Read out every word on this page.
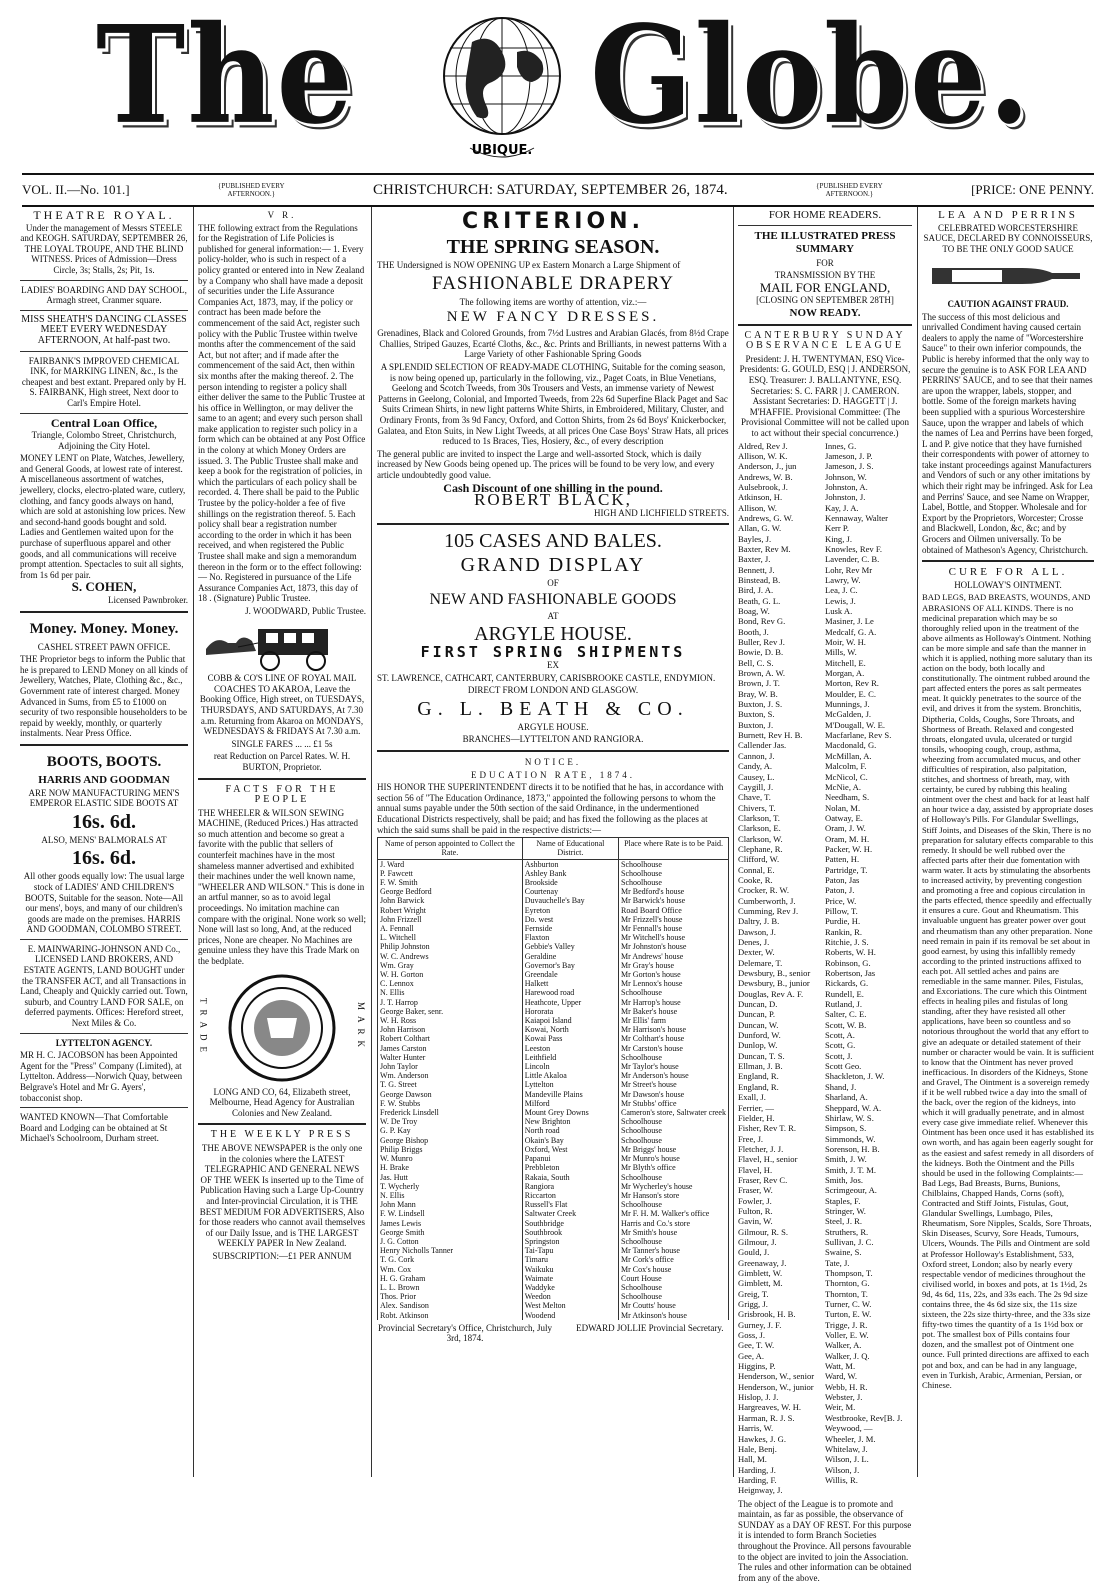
The	UBIQUE. Globe.
VOL. II.—No. 101.]	{PUBLISHED EVERY AFTERNOON.}	CHRISTCHURCH: SATURDAY, SEPTEMBER 26, 1874.	{PUBLISHED EVERY AFTERNOON.}	[PRICE: ONE PENNY.

THEATRE ROYAL.

Under the management of Messrs STEELE and KEOGH. SATURDAY, SEPTEMBER 26, THE LOYAL TROUPE, AND THE BLIND WITNESS. Prices of Admission—Dress Circle, 3s; Stalls, 2s; Pit, 1s.

LADIES' BOARDING AND DAY SCHOOL, Armagh street, Cranmer square.

MISS SHEATH'S DANCING CLASSES MEET EVERY WEDNESDAY AFTERNOON, At half-past two.

FAIRBANK'S IMPROVED CHEMICAL INK, for MARKING LINEN, &c., Is the cheapest and best extant. Prepared only by H. S. FAIRBANK, High street, Next door to Carl's Empire Hotel.

Central Loan Office,

Triangle, Colombo Street, Christchurch, Adjoining the City Hotel.

MONEY LENT on Plate, Watches, Jewellery, and General Goods, at lowest rate of interest. A miscellaneous assortment of watches, jewellery, clocks, electro-plated ware, cutlery, clothing, and fancy goods always on hand, which are sold at astonishing low prices. New and second-hand goods bought and sold. Ladies and Gentlemen waited upon for the purchase of superfluous apparel and other goods, and all communications will receive prompt attention. Spectacles to suit all sights, from 1s 6d per pair.

S. COHEN,

Licensed Pawnbroker.

Money. Money. Money.

CASHEL STREET PAWN OFFICE.

THE Proprietor begs to inform the Public that he is prepared to LEND Money on all kinds of Jewellery, Watches, Plate, Clothing &c., &c., Government rate of interest charged. Money Advanced in Sums, from £5 to £1000 on security of two responsible householders to be repaid by weekly, monthly, or quarterly instalments. Near Press Office.

BOOTS, BOOTS.

HARRIS AND GOODMAN

ARE NOW MANUFACTURING MEN'S EMPEROR ELASTIC SIDE BOOTS AT

16s. 6d.

ALSO, MENS' BALMORALS AT

16s. 6d.

All other goods equally low: The usual large stock of LADIES' AND CHILDREN'S BOOTS, Suitable for the season. Note—All our mens', boys, and many of our children's goods are made on the premises. HARRIS AND GOODMAN, COLOMBO STREET.

E. MAINWARING-JOHNSON AND Co., LICENSED LAND BROKERS, AND ESTATE AGENTS, LAND BOUGHT under the TRANSFER ACT, and all Transactions in Land, Cheaply and Quickly carried out. Town, suburb, and Country LAND FOR SALE, on deferred payments. Offices: Hereford street, Next Miles & Co.

LYTTELTON AGENCY.

MR H. C. JACOBSON has been Appointed Agent for the "Press" Company (Limited), at Lyttelton. Address—Norwich Quay, between Belgrave's Hotel and Mr G. Ayers', tobacconist shop.

WANTED KNOWN—That Comfortable Board and Lodging can be obtained at St Michael's Schoolroom, Durham street.

V R.

THE following extract from the Regulations for the Registration of Life Policies is published for general information:— 1. Every policy-holder, who is such in respect of a policy granted or entered into in New Zealand by a Company who shall have made a deposit of securities under the Life Assurance Companies Act, 1873, may, if the policy or contract has been made before the commencement of the said Act, register such policy with the Public Trustee within twelve months after the commencement of the said Act, but not after; and if made after the commencement of the said Act, then within six months after the making thereof. 2. The person intending to register a policy shall either deliver the same to the Public Trustee at his office in Wellington, or may deliver the same to an agent; and every such person shall make application to register such policy in a form which can be obtained at any Post Office in the colony at which Money Orders are issued. 3. The Public Trustee shall make and keep a book for the registration of policies, in which the particulars of each policy shall be recorded. 4. There shall be paid to the Public Trustee by the policy-holder a fee of five shillings on the registration thereof. 5. Each policy shall bear a registration number according to the order in which it has been received, and when registered the Public Trustee shall make and sign a memorandum thereon in the form or to the effect following:— No. Registered in pursuance of the Life Assurance Companies Act, 1873, this day of 18 . (Signature) Public Trustee.

J. WOODWARD, Public Trustee.

COBB & CO'S LINE OF ROYAL MAIL COACHES TO AKAROA, Leave the Booking Office, High street, on TUESDAYS, THURSDAYS, AND SATURDAYS, At 7.30 a.m. Returning from Akaroa on MONDAYS, WEDNESDAYS & FRIDAYS At 7.30 a.m.

SINGLE FARES ... ... £1 5s

reat Reduction on Parcel Rates. W. H. BURTON, Proprietor.

FACTS FOR THE PEOPLE

THE WHEELER & WILSON SEWING MACHINE, (Reduced Prices.) Has attracted so much attention and become so great a favorite with the public that sellers of counterfeit machines have in the most shameless manner advertised and exhibited their machines under the well known name, "WHEELER AND WILSON." This is done in an artful manner, so as to avoid legal proceedings. No imitation machine can compare with the original. None work so well; None will last so long, And, at the reduced prices, None are cheaper. No Machines are genuine unless they have this Trade Mark on the bedplate.

TRADE	MARK

LONG AND CO, 64, Elizabeth street, Melbourne, Head Agency for Australian Colonies and New Zealand.

THE WEEKLY PRESS

THE ABOVE NEWSPAPER is the only one in the colonies where the LATEST TELEGRAPHIC AND GENERAL NEWS OF THE WEEK Is inserted up to the Time of Publication Having such a Large Up-Country and Inter-provincial Circulation, it is THE BEST MEDIUM FOR ADVERTISERS, Also for those readers who cannot avail themselves of our Daily Issue, and is THE LARGEST WEEKLY PAPER In New Zealand.

SUBSCRIPTION:—£1 PER ANNUM

CRITERION.

THE SPRING SEASON.

THE Undersigned is NOW OPENING UP ex Eastern Monarch a Large Shipment of

FASHIONABLE DRAPERY

The following items are worthy of attention, viz.:—

NEW FANCY DRESSES.

Grenadines, Black and Colored Grounds, from 7½d Lustres and Arabian Glacés, from 8½d Crape Challies, Striped Gauzes, Ecarté Cloths, &c., &c. Prints and Brilliants, in newest patterns With a Large Variety of other Fashionable Spring Goods

A SPLENDID SELECTION OF READY-MADE CLOTHING, Suitable for the coming season, is now being opened up, particularly in the following, viz., Paget Coats, in Blue Venetians, Geelong and Scotch Tweeds, from 30s Trousers and Vests, an immense variety of Newest Patterns in Geelong, Colonial, and Imported Tweeds, from 22s 6d Superfine Black Paget and Sac Suits Crimean Shirts, in new light patterns White Shirts, in Embroidered, Military, Cluster, and Ordinary Fronts, from 3s 9d Fancy, Oxford, and Cotton Shirts, from 2s 6d Boys' Knickerbocker, Galatea, and Eton Suits, in New Light Tweeds, at all prices One Case Boys' Straw Hats, all prices reduced to 1s Braces, Ties, Hosiery, &c., of every description

The general public are invited to inspect the Large and well-assorted Stock, which is daily increased by New Goods being opened up. The prices will be found to be very low, and every article undoubtedly good value.

Cash Discount of one shilling in the pound.

ROBERT BLACK,

HIGH AND LICHFIELD STREETS.

105 CASES AND BALES.

GRAND DISPLAY

OF

NEW AND FASHIONABLE GOODS

AT

ARGYLE HOUSE.

FIRST SPRING SHIPMENTS

EX

ST. LAWRENCE, CATHCART, CANTERBURY, CARISBROOKE CASTLE, ENDYMION.

DIRECT FROM LONDON AND GLASGOW.

G. L. BEATH & CO.

ARGYLE HOUSE.

BRANCHES—LYTTELTON AND RANGIORA.

NOTICE.

EDUCATION RATE, 1874.

HIS HONOR THE SUPERINTENDENT directs it to be notified that he has, in accordance with section 56 of "The Education Ordinance, 1873," appointed the following persons to whom the annual sums payable under the 50th section of the said Ordinance, in the undermentioned Educational Districts respectively, shall be paid; and has fixed the following as the places at which the said sums shall be paid in the respective districts:—

Name of person appointed to Collect the Rate.	Name of Educational District.	Place where Rate is to be Paid.
J. Ward	Ashburton	Schoolhouse
P. Fawcett	Ashley Bank	Schoolhouse
F. W. Smith	Brookside	Schoolhouse
George Bedford	Courtenay	Mr Bedford's house
John Barwick	Duvauchelle's Bay	Mr Barwick's house
Robert Wright	Eyreton	Road Board Office
John Frizzell	Do. west	Mr Frizzell's house
A. Fennall	Fernside	Mr Fennall's house
L. Witchell	Flaxton	Mr Witchell's house
Philip Johnston	Gebbie's Valley	Mr Johnston's house
W. C. Andrews	Geraldine	Mr Andrews' house
Wm. Gray	Governor's Bay	Mr Gray's house
W. H. Gorton	Greendale	Mr Gorton's house
C. Lennox	Halkett	Mr Lennox's house
N. Ellis	Harewood road	Schoolhouse
J. T. Harrop	Heathcote, Upper	Mr Harrop's house
George Baker, senr.	Hororata	Mr Baker's house
W. H. Ross	Kaiapoi Island	Mr Ellis' farm
John Harrison	Kowai, North	Mr Harrison's house
Robert Colthart	Kowai Pass	Mr Colthart's house
James Carston	Leeston	Mr Carston's house
Walter Hunter	Leithfield	Schoolhouse
John Taylor	Lincoln	Mr Taylor's house
Wm. Anderson	Little Akaloa	Mr Anderson's house
T. G. Street	Lyttelton	Mr Street's house
George Dawson	Mandeville Plains	Mr Dawson's house
F. W. Stubbs	Milford	Mr Stubbs' office
Frederick Linsdell	Mount Grey Downs	Cameron's store, Saltwater creek
W. De Troy	New Brighton	Schoolhouse
G. P. Kay	North road	Schoolhouse
George Bishop	Okain's Bay	Schoolhouse
Philip Briggs	Oxford, West	Mr Briggs' house
W. Munro	Papanui	Mr Munro's house
H. Brake	Prebbleton	Mr Blyth's office
Jas. Hutt	Rakaia, South	Schoolhouse
T. Wycherly	Rangiora	Mr Wycherley's house
N. Ellis	Riccarton	Mr Hanson's store
John Mann	Russell's Flat	Schoolhouse
F. W. Lindsell	Saltwater Creek	Mr F. H. M. Walker's office
James Lewis	Southbridge	Harris and Co.'s store
George Smith	Southbrook	Mr Smith's house
J. G. Cotton	Springston	Schoolhouse
Henry Nicholls Tanner	Tai-Tapu	Mr Tanner's house
T. G. Cork	Timaru	Mr Cork's office
Wm. Cox	Waikuku	Mr Cox's house
H. G. Graham	Waimate	Court House
L. L. Brown	Waddyke	Schoolhouse
Thos. Prior	Weedon	Schoolhouse
Alex. Sandison	West Melton	Mr Coutts' house
Robt. Atkinson	Woodend	Mr Atkinson's house
Provincial Secretary's Office, Christchurch, July 3rd, 1874.
EDWARD JOLLIE Provincial Secretary.

FOR HOME READERS.

THE ILLUSTRATED PRESS SUMMARY

FOR

TRANSMISSION BY THE

MAIL FOR ENGLAND,

[CLOSING ON SEPTEMBER 28TH]

NOW READY.

CANTERBURY SUNDAY OBSERVANCE LEAGUE

President: J. H. TWENTYMAN, ESQ Vice-Presidents: G. GOULD, ESQ | J. ANDERSON, ESQ. Treasurer: J. BALLANTYNE, ESQ. Secretaries: S. C. FARR | J. CAMERON. Assistant Secretaries: D. HAGGETT | J. M'HAFFIE. Provisional Committee: (The Provisional Committee will not be called upon to act without their special concurrence.)

Aldred, Rev J.
Allison, W. K.
Anderson, J., jun
Andrews, W. B.
Aulsebrook, J.
Atkinson, H.
Allison, W.
Andrews, G. W.
Allan, G. W.
Bayles, J.
Baxter, Rev M.
Baxter, J.
Bennett, J.
Binstead, B.
Bird, J. A.
Beath, G. L.
Boag, W.
Bond, Rev G.
Booth, J.
Buller, Rev J.
Bowie, D. B.
Bell, C. S.
Brown, A. W.
Brown, J. T.
Bray, W. B.
Buxton, J. S.
Buxton, S.
Buxton, J.
Burnett, Rev H. B.
Callender Jas.
Cannon, J.
Candy, A.
Causey, L.
Caygill, J.
Chave, T.
Chivers, T.
Clarkson, T.
Clarkson, E.
Clarkson, W.
Clephane, R.
Clifford, W.
Connal, E.
Cooke, R.
Crocker, R. W.
Cumberworth, J.
Cumming, Rev J.
Daltry, J. B.
Dawson, J.
Denes, J.
Dexter, W.
Delemare, T.
Dewsbury, B., senior
Dewsbury, B., junior
Douglas, Rev A. F.
Duncan, D.
Duncan, P.
Duncan, W.
Dunford, W.
Dunlop, W.
Duncan, T. S.
Ellman, J. B.
England, R.
England, R.
Exall, J.
Ferrier, —
Fielder, H.
Fisher, Rev T. R.
Free, J.
Fletcher, J. J.
Flavel, H., senior
Flavel, H.
Fraser, Rev C.
Fraser, W.
Fowler, J.
Fulton, R.
Gavin, W.
Gilmour, R. S.
Gilmour, J.
Gould, J.
Greenaway, J.
Gimblett, W.
Gimblett, M.
Greig, T.
Grigg, J.
Grisbrook, H. B.
Gurney, J. F.
Goss, J.
Gee, T. W.
Gee, A.
Higgins, P.
Henderson, W., senior
Henderson, W., junior
Hislop, J. J.
Hargreaves, W. H.
Harman, R. J. S.
Harris, W.
Hawkes, J. G.
Hale, Benj.
Hall, M.
Harding, J.
Harding, F.
Heignway, J.
Innes, G.
Jameson, J. P.
Jameson, J. S.
Johnson, W.
Johnston, A.
Johnston, J.
Kay, J. A.
Kennaway, Walter
Kerr P.
King, J.
Knowles, Rev F.
Lavender, C. B.
Lohr, Rev Mr
Lawry, W.
Lea, J. C.
Lewis, J.
Lusk A.
Masiner, J. Le
Medcalf, G. A.
Moir, W. H.
Mills, W.
Mitchell, E.
Morgan, A.
Morton, Rev R.
Moulder, E. C.
Munnings, J.
McGalden, J.
M'Dougall, W. E.
Macfarlane, Rev S.
Macdonald, G.
McMillan, A.
Malcolm, F.
McNicol, C.
McNie, A.
Needham, S.
Nolan, M.
Oatway, E.
Oram, J. W.
Oram, M. H.
Packer, W. H.
Patten, H.
Partridge, T.
Paton, Jas
Paton, J.
Price, W.
Pillow, T.
Purdie, H.
Rankin, R.
Ritchie, J. S.
Roberts, W. H.
Robinson, G.
Robertson, Jas
Rickards, G.
Rundell, E.
Rutland, J.
Salter, C. E.
Scott, W. B.
Scott, A.
Scott, G.
Scott, J.
Scott Geo.
Shackleton, J. W.
Shand, J.
Sharland, A.
Sheppard, W. A.
Shirlaw, W. S.
Simpson, S.
Simmonds, W.
Sorenson, H. B.
Smith, J. W.
Smith, J. T. M.
Smith, Jos.
Scrimgeour, A.
Staples, F.
Stringer, W.
Steel, J. R.
Struthers, R.
Sullivan, J. C.
Swaine, S.
Tate, J.
Thompson, T.
Thornton, G.
Thornton, T.
Turner, C. W.
Turton, E. W.
Trigge, J. R.
Voller, E. W.
Walker, A.
Walker, J. Q.
Watt, M.
Ward, W.
Webb, H. R.
Webster, J.
Weir, M.
Westbrooke, Rev[B. J.
Weywood, —
Wheeler, J. M.
Whitelaw, J.
Wilson, J. L.
Wilson, J.
Willis, R.

The object of the League is to promote and maintain, as far as possible, the observance of SUNDAY as a DAY OF REST. For this purpose it is intended to form Branch Societies throughout the Province. All persons favourable to the object are invited to join the Association. The rules and other information can be obtained from any of the above.

LEA AND PERRINS

CELEBRATED WORCESTERSHIRE SAUCE, DECLARED BY CONNOISSEURS, TO BE THE ONLY GOOD SAUCE

CAUTION AGAINST FRAUD.

The success of this most delicious and unrivalled Condiment having caused certain dealers to apply the name of "Worcestershire Sauce" to their own inferior compounds, the Public is hereby informed that the only way to secure the genuine is to ASK FOR LEA AND PERRINS' SAUCE, and to see that their names are upon the wrapper, labels, stopper, and bottle. Some of the foreign markets having been supplied with a spurious Worcestershire Sauce, upon the wrapper and labels of which the names of Lea and Perrins have been forged, L and P. give notice that they have furnished their correspondents with power of attorney to take instant proceedings against Manufacturers and Vendors of such or any other imitations by which their right may be infringed. Ask for Lea and Perrins' Sauce, and see Name on Wrapper, Label, Bottle, and Stopper. Wholesale and for Export by the Proprietors, Worcester; Crosse and Blackwell, London, &c, &c; and by Grocers and Oilmen universally. To be obtained of Matheson's Agency, Christchurch.

CURE FOR ALL.

HOLLOWAY'S OINTMENT.

BAD LEGS, BAD BREASTS, WOUNDS, AND ABRASIONS OF ALL KINDS. There is no medicinal preparation which may be so thoroughly relied upon in the treatment of the above ailments as Holloway's Ointment. Nothing can be more simple and safe than the manner in which it is applied, nothing more salutary than its action on the body, both locally and constitutionally. The ointment rubbed around the part affected enters the pores as salt permeates meat. It quickly penetrates to the source of the evil, and drives it from the system. Bronchitis, Diptheria, Colds, Coughs, Sore Throats, and Shortness of Breath. Relaxed and congested throats, elongated uvula, ulcerated or turgid tonsils, whooping cough, croup, asthma, wheezing from accumulated mucus, and other difficulties of respiration, also palpitation, stitches, and shortness of breath, may, with certainty, be cured by rubbing this healing ointment over the chest and back for at least half an hour twice a day, assisted by appropriate doses of Holloway's Pills. For Glandular Swellings, Stiff Joints, and Diseases of the Skin, There is no preparation for salutary effects comparable to this remedy. It should be well rubbed over the affected parts after their due fomentation with warm water. It acts by stimulating the absorbents to increased activity, by preventing congestion and promoting a free and copious circulation in the parts effected, thence speedily and effectually it ensures a cure. Gout and Rheumatism. This invaluable unguent has greater power over gout and rheumatism than any other preparation. None need remain in pain if its removal be set about in good earnest, by using this infallibly remedy according to the printed instructions affixed to each pot. All settled aches and pains are remediable in the same manner. Piles, Fistulas, and Excoriations. The cure which this Ointment effects in healing piles and fistulas of long standing, after they have resisted all other applications, have been so countless and so notorious throughout the world that any effort to give an adequate or detailed statement of their number or character would be vain. It is sufficient to know that the Ointment has never proved inefficacious. In disorders of the Kidneys, Stone and Gravel, The Ointment is a sovereign remedy if it be well rubbed twice a day into the small of the back, over the region of the kidneys, into which it will gradually penetrate, and in almost every case give immediate relief. Whenever this Ointment has been once used it has established its own worth, and has again been eagerly sought for as the easiest and safest remedy in all disorders of the kidneys. Both the Ointment and the Pills should be used in the following Complaints:— Bad Legs, Bad Breasts, Burns, Bunions, Chilblains, Chapped Hands, Corns (soft), Contracted and Stiff Joints, Fistulas, Gout, Glandular Swellings, Lumbago, Piles, Rheumatism, Sore Nipples, Scalds, Sore Throats, Skin Diseases, Scurvy, Sore Heads, Tumours, Ulcers, Wounds. The Pills and Ointment are sold at Professor Holloway's Establishment, 533, Oxford street, London; also by nearly every respectable vendor of medicines throughout the civilised world, in boxes and pots, at 1s 1½d, 2s 9d, 4s 6d, 11s, 22s, and 33s each. The 2s 9d size contains three, the 4s 6d size six, the 11s size sixteen, the 22s size thirty-three, and the 33s size fifty-two times the quantity of a 1s 1½d box or pot. The smallest box of Pills contains four dozen, and the smallest pot of Ointment one ounce. Full printed directions are affixed to each pot and box, and can be had in any language, even in Turkish, Arabic, Armenian, Persian, or Chinese.
